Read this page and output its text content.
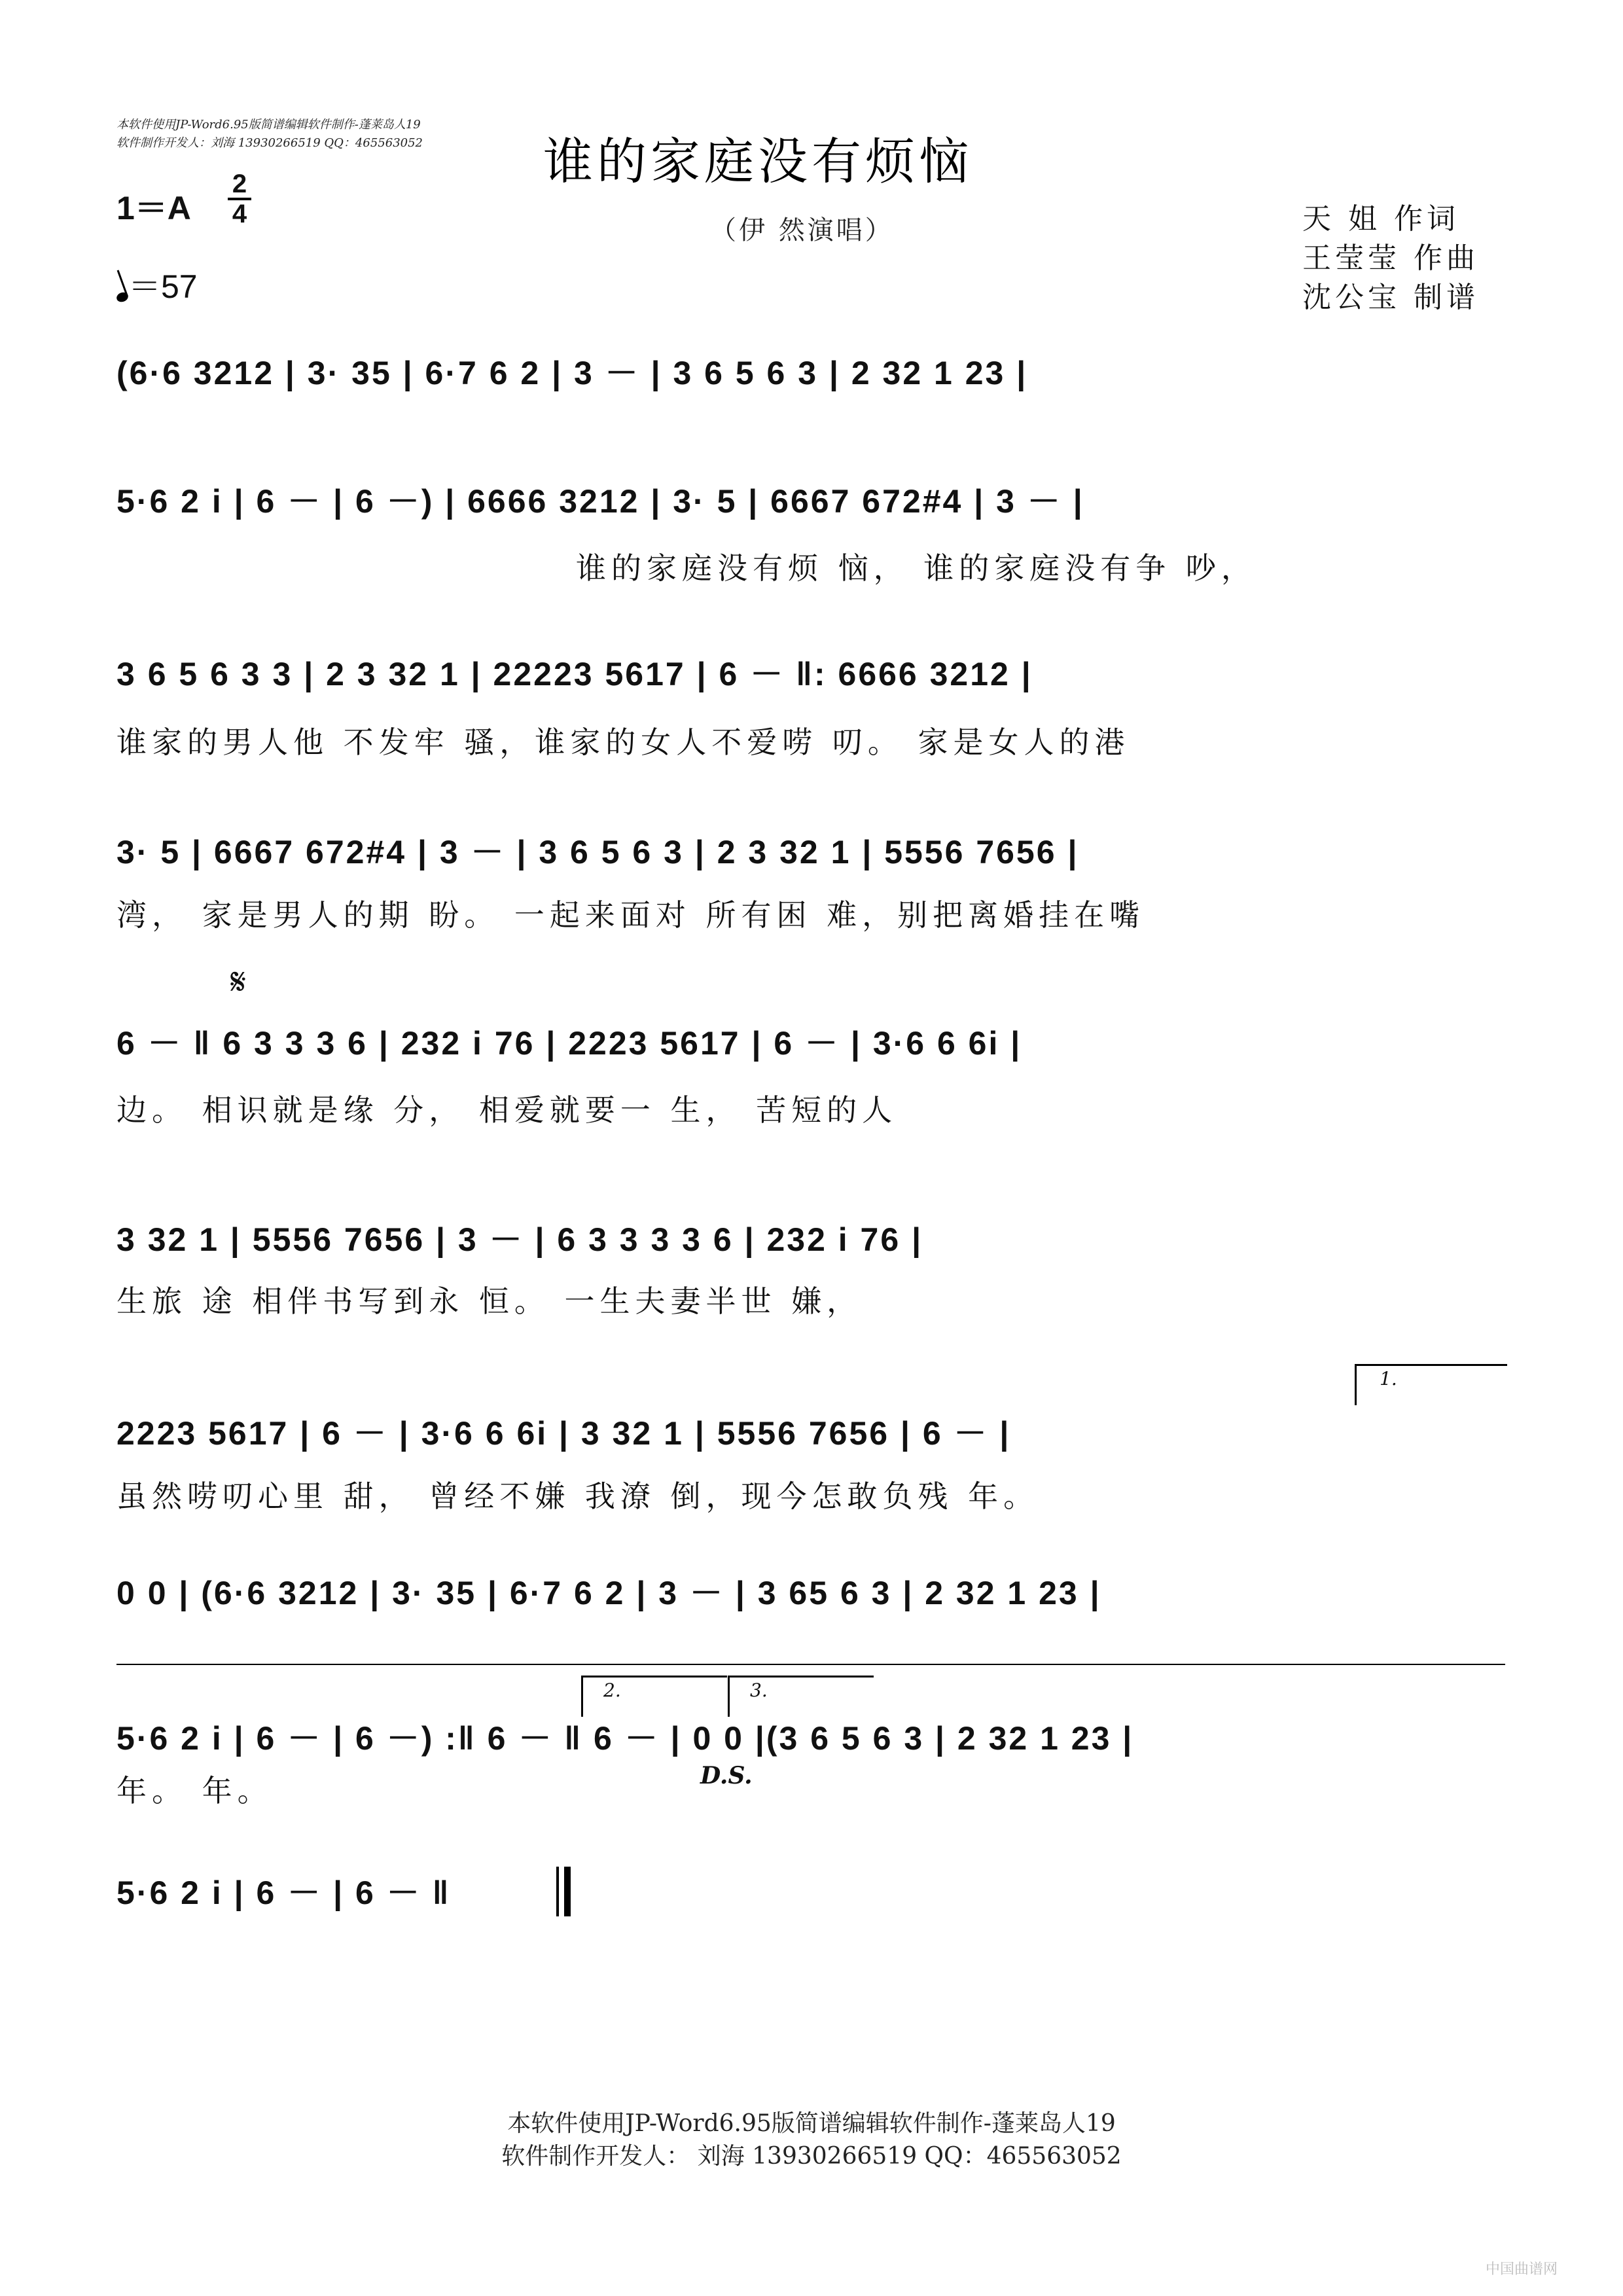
本软件使用JP-Word6.95版简谱编辑软件制作-蓬莱岛人19
软件制作开发人：刘海 13930266519 QQ：465563052 谁的家庭没有烦恼
（伊 然演唱）	天 姐 作词
王莹莹 作曲
沈公宝 制谱
1＝A
2
4
＝57
(6·6 3212 | 3· 35 | 6·7 6 2 | 3 － | 3 6 5 6 3 | 2 32 1 23 |
5·6 2 i | 6 － | 6 －) | 6666 3212 | 3· 5 | 6667 672#4 | 3 － |
谁的家庭没有烦 恼， 谁的家庭没有争 吵，
3 6 5 6 3 3 | 2 3 32 1 | 22223 5617 | 6 － ‖: 6666 3212 |
谁家的男人他 不发牢 骚，谁家的女人不爱唠 叨。 家是女人的港
3· 5 | 6667 672#4 | 3 － | 3 6 5 6 3 | 2 3 32 1 | 5556 7656 |
湾， 家是男人的期 盼。 一起来面对 所有困 难，别把离婚挂在嘴
𝄋
6 － ‖ 6 3 3 3 6 | 232 i 76 | 2223 5617 | 6 － | 3·6 6 6i |
边。 相识就是缘 分， 相爱就要一 生， 苦短的人
3 32 1 | 5556 7656 | 3 － | 6 3 3 3 3 6 | 232 i 76 |
生旅 途 相伴书写到永 恒。 一生夫妻半世 嫌，
1.
2223 5617 | 6 － | 3·6 6 6i | 3 32 1 | 5556 7656 | 6 － |
虽然唠叨心里 甜， 曾经不嫌 我潦 倒，现今怎敢负残 年。
0 0 | (6·6 3212 | 3· 35 | 6·7 6 2 | 3 － | 3 65 6 3 | 2 32 1 23 |
2.	3.
5·6 2 i | 6 － | 6 －) :‖ 6 － ‖ 6 － | 0 0 |(3 6 5 6 3 | 2 32 1 23 |
年。 年。	D.S.
5·6 2 i | 6 － | 6 － ‖
本软件使用JP-Word6.95版简谱编辑软件制作-蓬莱岛人19
软件制作开发人： 刘海 13930266519 QQ：465563052
中国曲谱网
